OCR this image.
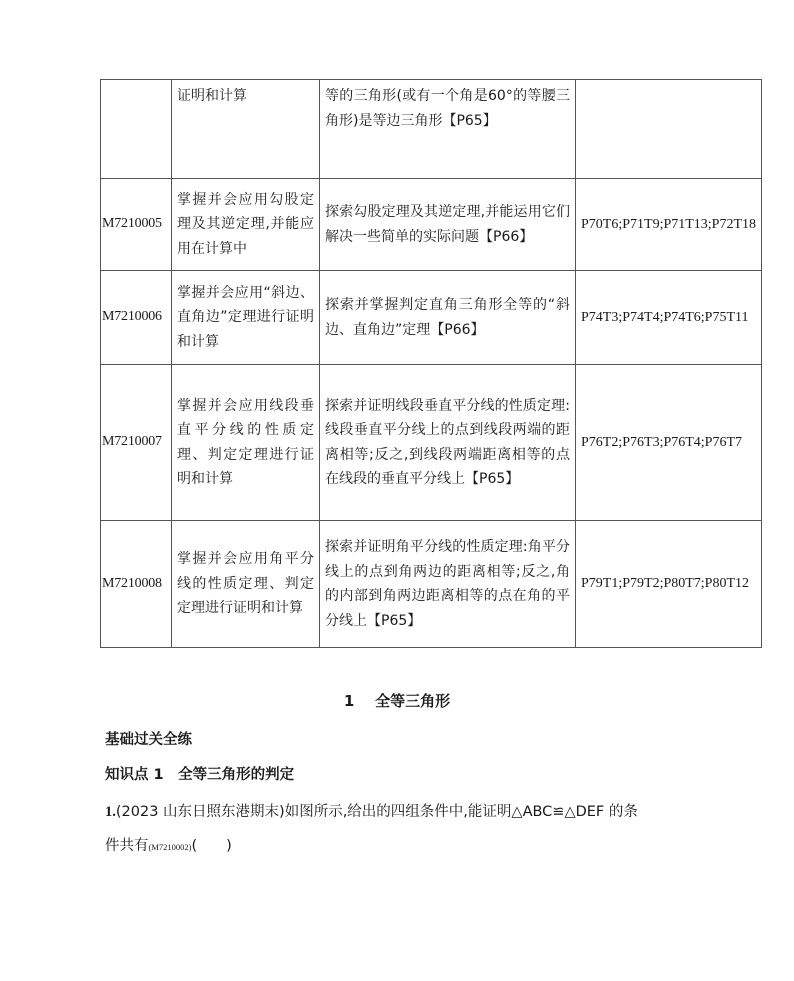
	证明和计算	等的三角形(或有一个角是60°的等腰三角形)是等边三角形【P65】	

M7210005	掌握并会应用勾股定理及其逆定理,并能应用在计算中	探索勾股定理及其逆定理,并能运用它们解决一些简单的实际问题【P66】	P70T6;P71T9;P71T13;P72T18

M7210006	掌握并会应用“斜边、直角边”定理进行证明和计算	探索并掌握判定直角三角形全等的“斜边、直角边”定理【P66】	P74T3;P74T4;P74T6;P75T11

M7210007	掌握并会应用线段垂直平分线的性质定理、判定定理进行证明和计算	探索并证明线段垂直平分线的性质定理:线段垂直平分线上的点到线段两端的距离相等;反之,到线段两端距离相等的点在线段的垂直平分线上【P65】	P76T2;P76T3;P76T4;P76T7

M7210008	掌握并会应用角平分线的性质定理、判定定理进行证明和计算	探索并证明角平分线的性质定理:角平分线上的点到角两边的距离相等;反之,角的内部到角两边距离相等的点在角的平分线上【P65】	P79T1;P79T2;P80T7;P80T12
1 全等三角形
基础过关全练
知识点 1　全等三角形的判定
1.(2023 山东日照东港期末)如图所示,给出的四组条件中,能证明△ABC≌△DEF 的条
件共有(M7210002)(　　)
